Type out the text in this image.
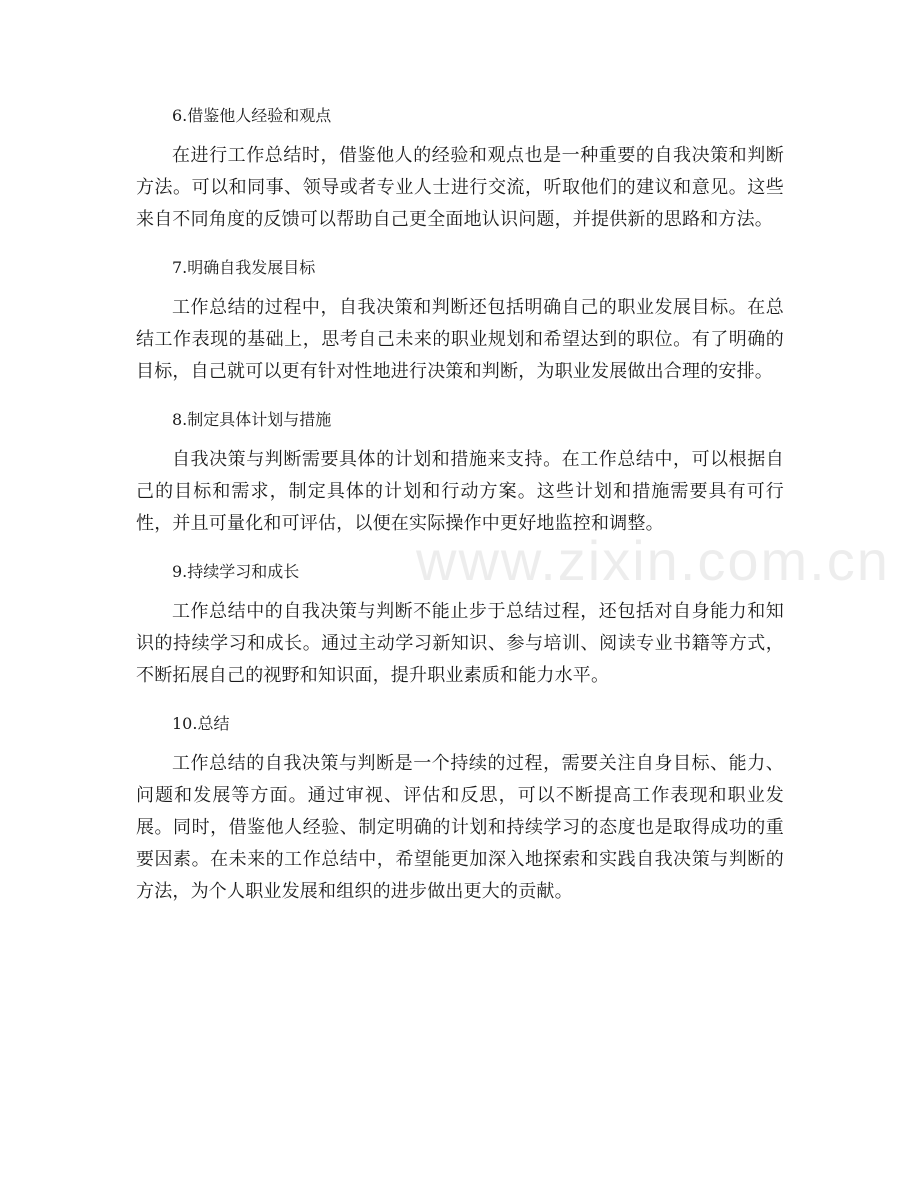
www.zixin.com.cn
6.借鉴他人经验和观点

在进行工作总结时，借鉴他人的经验和观点也是一种重要的自我决策和判断方法。可以和同事、领导或者专业人士进行交流，听取他们的建议和意见。这些来自不同角度的反馈可以帮助自己更全面地认识问题，并提供新的思路和方法。

7.明确自我发展目标

工作总结的过程中，自我决策和判断还包括明确自己的职业发展目标。在总结工作表现的基础上，思考自己未来的职业规划和希望达到的职位。有了明确的目标，自己就可以更有针对性地进行决策和判断，为职业发展做出合理的安排。

8.制定具体计划与措施

自我决策与判断需要具体的计划和措施来支持。在工作总结中，可以根据自己的目标和需求，制定具体的计划和行动方案。这些计划和措施需要具有可行性，并且可量化和可评估，以便在实际操作中更好地监控和调整。

9.持续学习和成长

工作总结中的自我决策与判断不能止步于总结过程，还包括对自身能力和知识的持续学习和成长。通过主动学习新知识、参与培训、阅读专业书籍等方式，不断拓展自己的视野和知识面，提升职业素质和能力水平。

10.总结

工作总结的自我决策与判断是一个持续的过程，需要关注自身目标、能力、问题和发展等方面。通过审视、评估和反思，可以不断提高工作表现和职业发展。同时，借鉴他人经验、制定明确的计划和持续学习的态度也是取得成功的重要因素。在未来的工作总结中，希望能更加深入地探索和实践自我决策与判断的方法，为个人职业发展和组织的进步做出更大的贡献。
